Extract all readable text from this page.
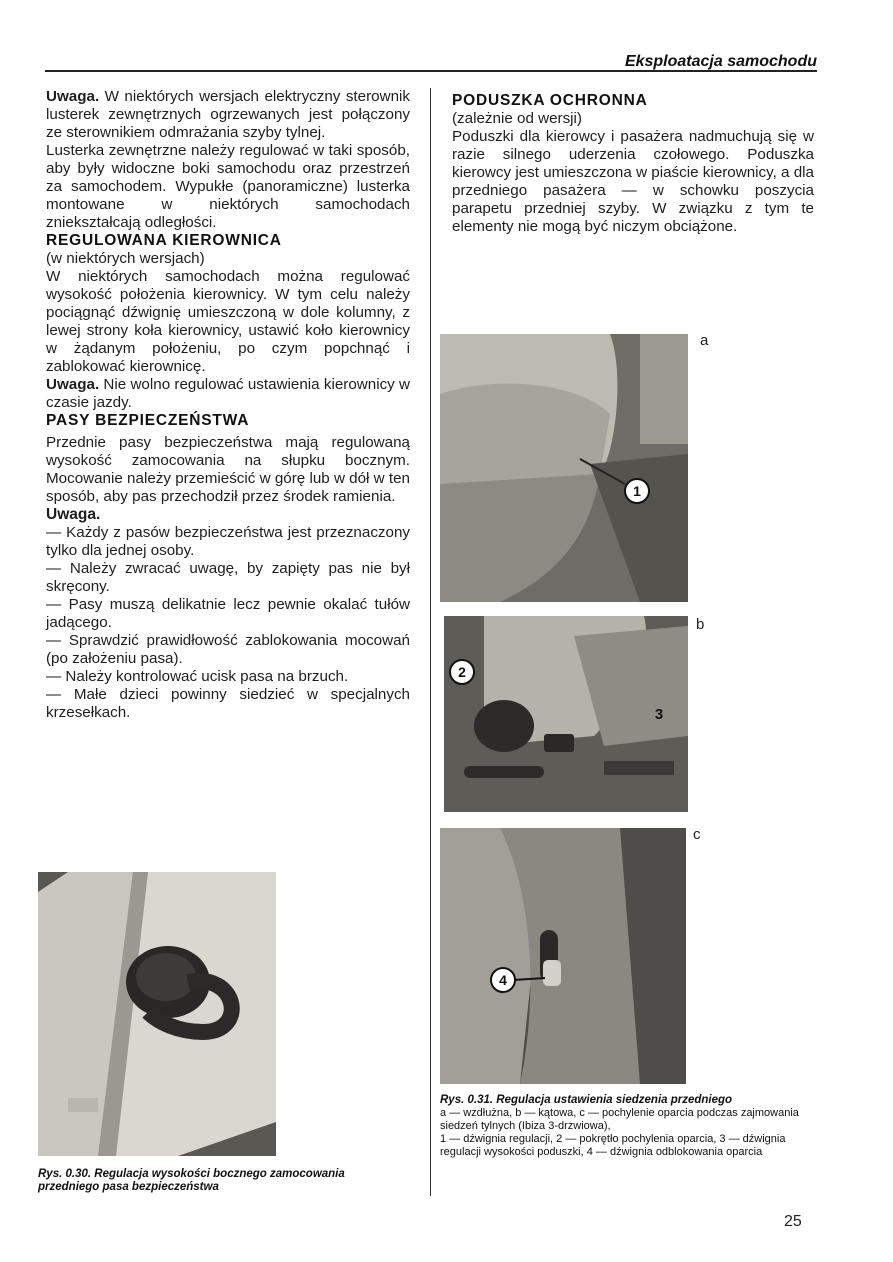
Eksploatacja samochodu

Uwaga. W niektórych wersjach elektryczny sterownik lusterek zewnętrznych ogrzewanych jest połączony ze sterownikiem odmrażania szyby tylnej.

Lusterka zewnętrzne należy regulować w taki sposób, aby były widoczne boki samochodu oraz przestrzeń za samochodem. Wypukłe (panoramiczne) lusterka montowane w niektórych samochodach zniekształcają odległości.

REGULOWANA KIEROWNICA

(w niektórych wersjach)

W niektórych samochodach można regulować wysokość położenia kierownicy. W tym celu należy pociągnąć dźwignię umieszczoną w dole kolumny, z lewej strony koła kierownicy, ustawić koło kierownicy w żądanym położeniu, po czym popchnąć i zablokować kierownicę.

Uwaga. Nie wolno regulować ustawienia kierownicy w czasie jazdy.

PASY BEZPIECZEŃSTWA

Przednie pasy bezpieczeństwa mają regulowaną wysokość zamocowania na słupku bocznym. Mocowanie należy przemieścić w górę lub w dół w ten sposób, aby pas przechodził przez środek ramienia.

Uwaga.

— Każdy z pasów bezpieczeństwa jest przeznaczony tylko dla jednej osoby.

— Należy zwracać uwagę, by zapięty pas nie był skręcony.

— Pasy muszą delikatnie lecz pewnie okalać tułów jadącego.

— Sprawdzić prawidłowość zablokowania mocowań (po założeniu pasa).

— Należy kontrolować ucisk pasa na brzuch.

— Małe dzieci powinny siedzieć w specjalnych krzesełkach.

Rys. 0.30. Regulacja wysokości bocznego zamocowania przedniego pasa bezpieczeństwa

PODUSZKA OCHRONNA

(zależnie od wersji)

Poduszki dla kierowcy i pasażera nadmuchują się w razie silnego uderzenia czołowego. Poduszka kierowcy jest umieszczona w piaście kierownicy, a dla przedniego pasażera — w schowku poszycia parapetu przedniej szyby. W związku z tym te elementy nie mogą być niczym obciążone.

1
a
2
3
b
4
c
Rys. 0.31. Regulacja ustawienia siedzenia przedniego
a — wzdłużna, b — kątowa, c — pochylenie oparcia podczas zajmowania siedzeń tylnych (Ibiza 3-drzwiowa),
1 — dźwignia regulacji, 2 — pokrętło pochylenia oparcia, 3 — dźwignia regulacji wysokości poduszki, 4 — dźwignia odblokowania oparcia
25
